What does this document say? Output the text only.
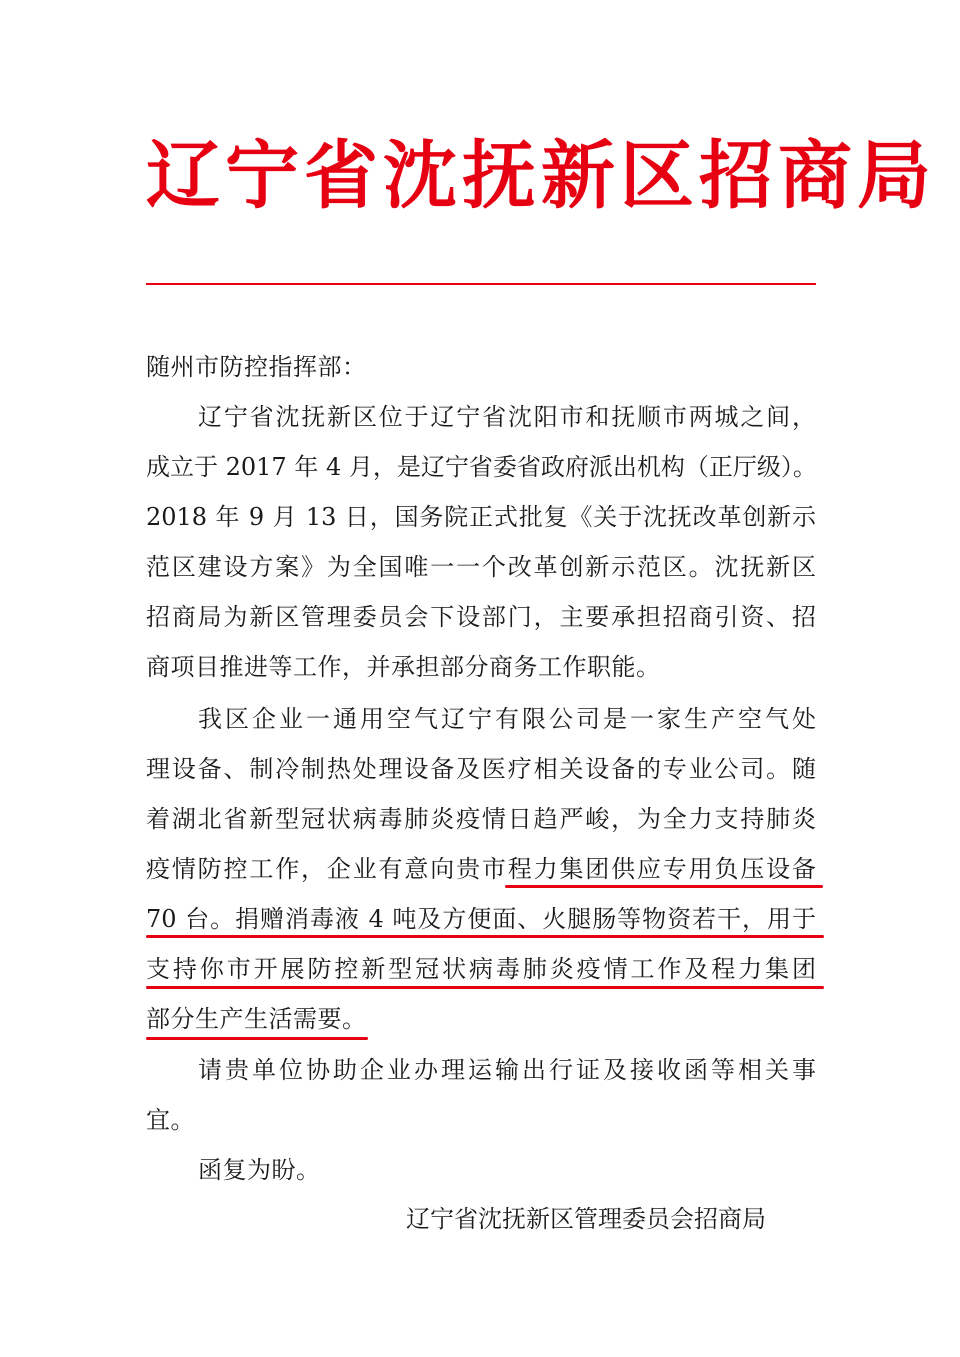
辽宁省沈抚新区招商局
随州市防控指挥部：
辽宁省沈抚新区位于辽宁省沈阳市和抚顺市两城之间，
成立于 2017 年 4 月，是辽宁省委省政府派出机构（正厅级）。
2018 年 9 月 13 日，国务院正式批复《关于沈抚改革创新示
范区建设方案》为全国唯一一个改革创新示范区。沈抚新区
招商局为新区管理委员会下设部门，主要承担招商引资、招
商项目推进等工作，并承担部分商务工作职能。
我区企业一通用空气辽宁有限公司是一家生产空气处
理设备、制冷制热处理设备及医疗相关设备的专业公司。随
着湖北省新型冠状病毒肺炎疫情日趋严峻，为全力支持肺炎
疫情防控工作，企业有意向贵市程力集团供应专用负压设备
70 台。捐赠消毒液 4 吨及方便面、火腿肠等物资若干，用于
支持你市开展防控新型冠状病毒肺炎疫情工作及程力集团
部分生产生活需要。
请贵单位协助企业办理运输出行证及接收函等相关事
宜。
函复为盼。
辽宁省沈抚新区管理委员会招商局
